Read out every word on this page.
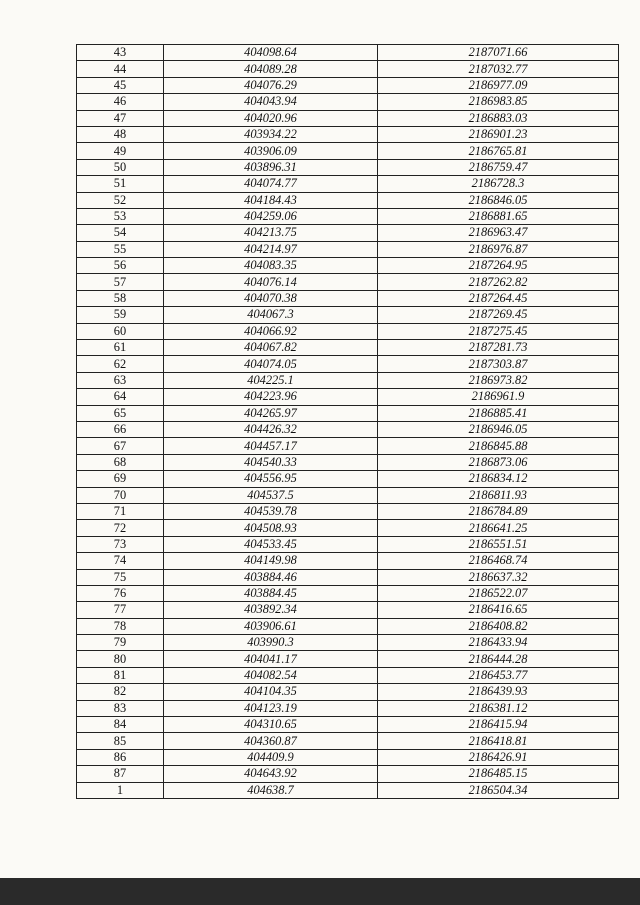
43	404098.64	2187071.66
44	404089.28	2187032.77
45	404076.29	2186977.09
46	404043.94	2186983.85
47	404020.96	2186883.03
48	403934.22	2186901.23
49	403906.09	2186765.81
50	403896.31	2186759.47
51	404074.77	2186728.3
52	404184.43	2186846.05
53	404259.06	2186881.65
54	404213.75	2186963.47
55	404214.97	2186976.87
56	404083.35	2187264.95
57	404076.14	2187262.82
58	404070.38	2187264.45
59	404067.3	2187269.45
60	404066.92	2187275.45
61	404067.82	2187281.73
62	404074.05	2187303.87
63	404225.1	2186973.82
64	404223.96	2186961.9
65	404265.97	2186885.41
66	404426.32	2186946.05
67	404457.17	2186845.88
68	404540.33	2186873.06
69	404556.95	2186834.12
70	404537.5	2186811.93
71	404539.78	2186784.89
72	404508.93	2186641.25
73	404533.45	2186551.51
74	404149.98	2186468.74
75	403884.46	2186637.32
76	403884.45	2186522.07
77	403892.34	2186416.65
78	403906.61	2186408.82
79	403990.3	2186433.94
80	404041.17	2186444.28
81	404082.54	2186453.77
82	404104.35	2186439.93
83	404123.19	2186381.12
84	404310.65	2186415.94
85	404360.87	2186418.81
86	404409.9	2186426.91
87	404643.92	2186485.15
1	404638.7	2186504.34
